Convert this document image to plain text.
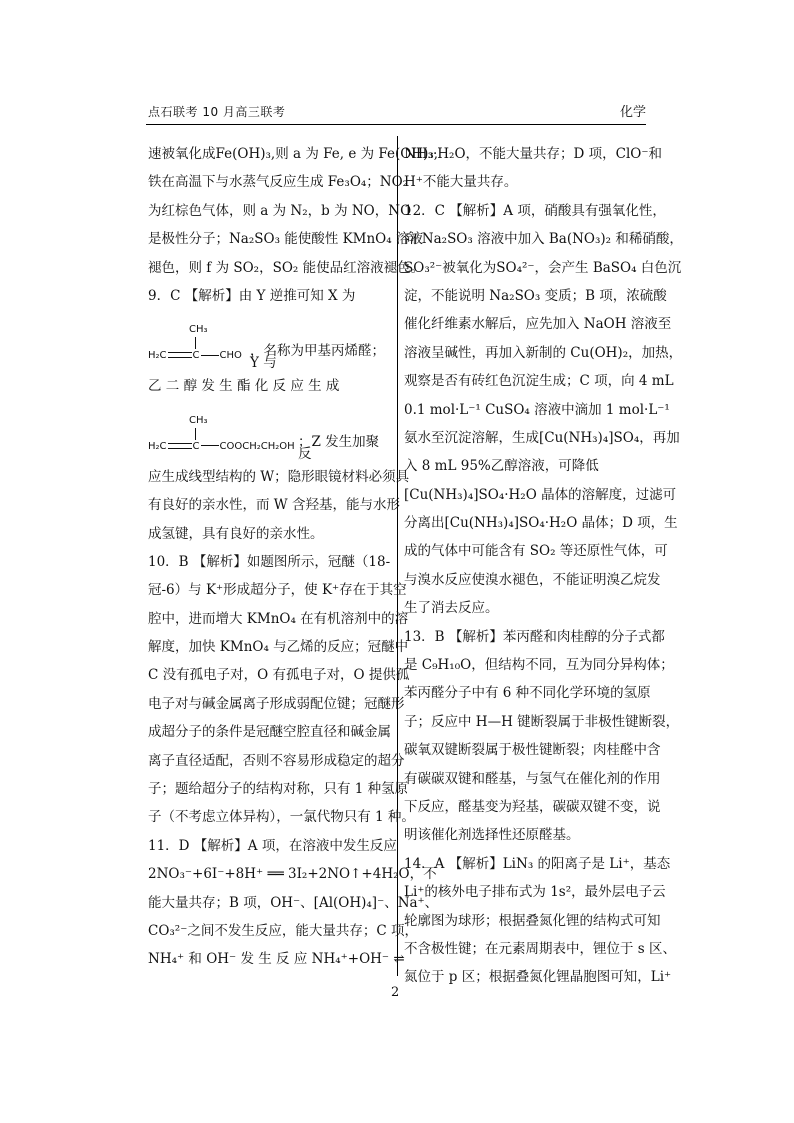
点石联考 10 月高三联考	化学
速被氧化成Fe(OH)₃,则 a 为 Fe, e 为 Fe(OH)₃,
铁在高温下与水蒸气反应生成 Fe₃O₄；NO₂
为红棕色气体，则 a 为 N₂，b 为 NO，NO
是极性分子；Na₂SO₃ 能使酸性 KMnO₄ 溶液
褪色，则 f 为 SO₂，SO₂ 能使品红溶液褪色。
9．C 【解析】由 Y 逆推可知 X 为
CH₃
H₂C	C CHO ，名称为甲基丙烯醛；Y 与
乙 二 醇 发 生 酯 化 反 应 生 成
CH₃
H₂C	C COOCH₂CH₂OH ；Z 发生加聚反
应生成线型结构的 W；隐形眼镜材料必须具
有良好的亲水性，而 W 含羟基，能与水形
成氢键，具有良好的亲水性。
10．B 【解析】如题图所示，冠醚（18-
冠-6）与 K⁺形成超分子，使 K⁺存在于其空
腔中，进而增大 KMnO₄ 在有机溶剂中的溶
解度，加快 KMnO₄ 与乙烯的反应；冠醚中
C 没有孤电子对，O 有孤电子对，O 提供孤
电子对与碱金属离子形成弱配位键；冠醚形
成超分子的条件是冠醚空腔直径和碱金属
离子直径适配，否则不容易形成稳定的超分
子；题给超分子的结构对称，只有 1 种氢原
子（不考虑立体异构），一氯代物只有 1 种。
11．D 【解析】A 项，在溶液中发生反应
2NO₃⁻+6I⁻+8H⁺ ══ 3I₂+2NO↑+4H₂O，不
能大量共存；B 项，OH⁻、[Al(OH)₄]⁻、Na⁺、
CO₃²⁻之间不发生反应，能大量共存；C 项，
NH₄⁺ 和 OH⁻ 发 生 反 应 NH₄⁺+OH⁻ ⇌
NH₃·H₂O，不能大量共存；D 项，ClO⁻和
H⁺不能大量共存。
12．C 【解析】A 项，硝酸具有强氧化性，
向 Na₂SO₃ 溶液中加入 Ba(NO₃)₂ 和稀硝酸，
SO₃²⁻被氧化为SO₄²⁻，会产生 BaSO₄ 白色沉
淀，不能说明 Na₂SO₃ 变质；B 项，浓硫酸
催化纤维素水解后，应先加入 NaOH 溶液至
溶液呈碱性，再加入新制的 Cu(OH)₂，加热，
观察是否有砖红色沉淀生成；C 项，向 4 mL
0.1 mol·L⁻¹ CuSO₄ 溶液中滴加 1 mol·L⁻¹
氨水至沉淀溶解，生成[Cu(NH₃)₄]SO₄，再加
入 8 mL 95%乙醇溶液，可降低
[Cu(NH₃)₄]SO₄·H₂O 晶体的溶解度，过滤可
分离出[Cu(NH₃)₄]SO₄·H₂O 晶体；D 项，生
成的气体中可能含有 SO₂ 等还原性气体，可
与溴水反应使溴水褪色，不能证明溴乙烷发
生了消去反应。
13．B 【解析】苯丙醛和肉桂醇的分子式都
是 C₉H₁₀O，但结构不同，互为同分异构体；
苯丙醛分子中有 6 种不同化学环境的氢原
子；反应中 H—H 键断裂属于非极性键断裂，
碳氧双键断裂属于极性键断裂；肉桂醛中含
有碳碳双键和醛基，与氢气在催化剂的作用
下反应，醛基变为羟基，碳碳双键不变，说
明该催化剂选择性还原醛基。
14．A 【解析】LiN₃ 的阳离子是 Li⁺，基态
Li⁺的核外电子排布式为 1s²，最外层电子云
轮廓图为球形；根据叠氮化锂的结构式可知
不含极性键；在元素周期表中，锂位于 s 区、
氮位于 p 区；根据叠氮化锂晶胞图可知，Li⁺
2
